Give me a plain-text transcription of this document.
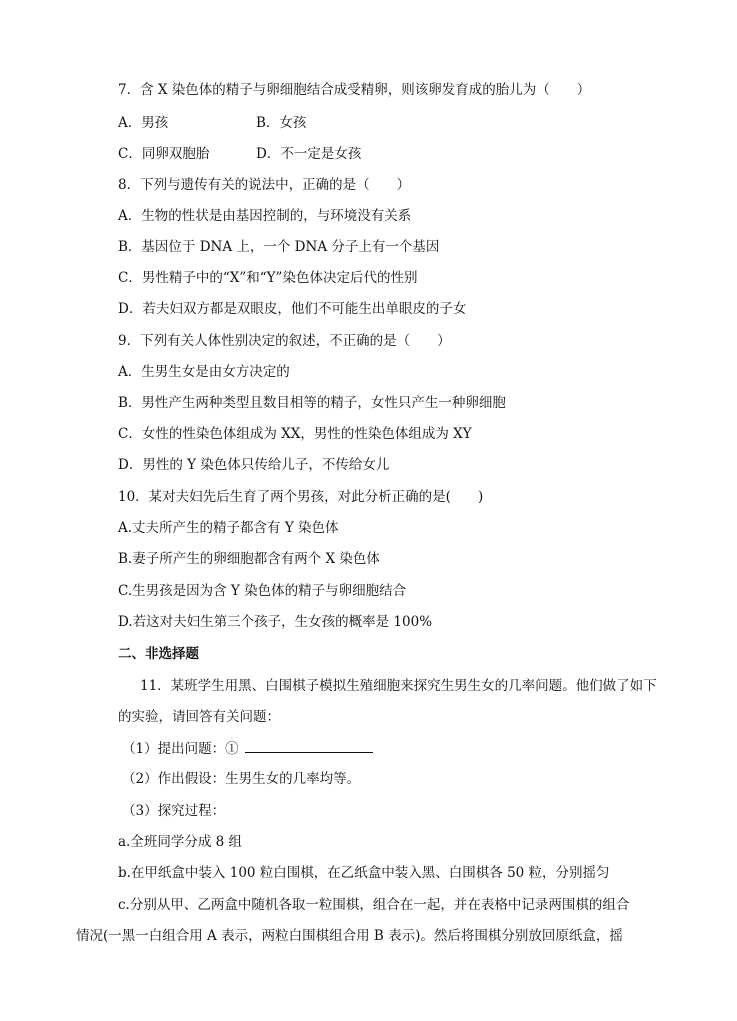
7．含 X 染色体的精子与卵细胞结合成受精卵，则该卵发育成的胎儿为（　　）
A．男孩	B．女孩
C．同卵双胞胎	D．不一定是女孩
8．下列与遗传有关的说法中，正确的是（　　）
A．生物的性状是由基因控制的，与环境没有关系
B．基因位于 DNA 上，一个 DNA 分子上有一个基因
C．男性精子中的“X”和“Y”染色体决定后代的性别
D．若夫妇双方都是双眼皮，他们不可能生出单眼皮的子女
9．下列有关人体性别决定的叙述，不正确的是（　　）
A．生男生女是由女方决定的
B．男性产生两种类型且数目相等的精子，女性只产生一种卵细胞
C．女性的性染色体组成为 XX，男性的性染色体组成为 XY
D．男性的 Y 染色体只传给儿子，不传给女儿
10．某对夫妇先后生育了两个男孩，对此分析正确的是(　　)
A.丈夫所产生的精子都含有 Y 染色体
B.妻子所产生的卵细胞都含有两个 X 染色体
C.生男孩是因为含 Y 染色体的精子与卵细胞结合
D.若这对夫妇生第三个孩子，生女孩的概率是 100%
二、非选择题
11．某班学生用黑、白围棋子模拟生殖细胞来探究生男生女的几率问题。他们做了如下
的实验，请回答有关问题：
（1）提出问题：①
（2）作出假设：生男生女的几率均等。
（3）探究过程：
a.全班同学分成 8 组
b.在甲纸盒中装入 100 粒白围棋，在乙纸盒中装入黑、白围棋各 50 粒，分别摇匀
c.分别从甲、乙两盒中随机各取一粒围棋，组合在一起，并在表格中记录两围棋的组合
情况(一黑一白组合用 A 表示，两粒白围棋组合用 B 表示)。然后将围棋分别放回原纸盒，摇
